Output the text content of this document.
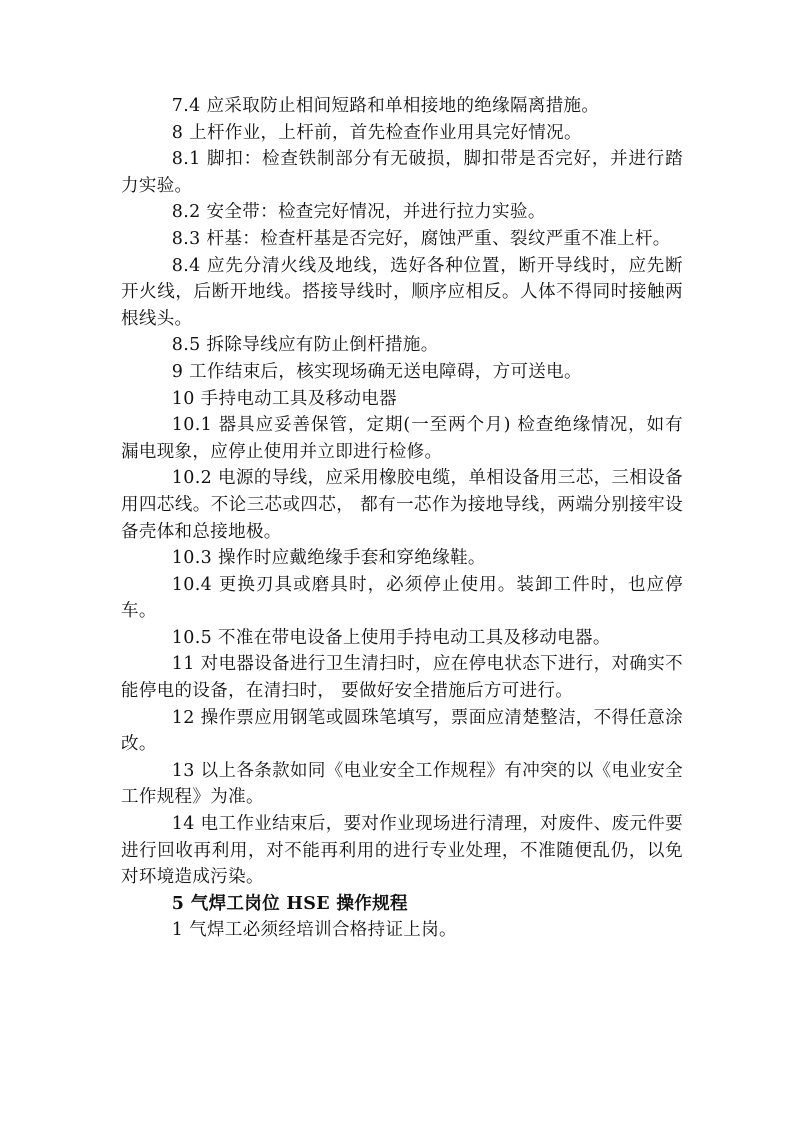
7.4 应采取防止相间短路和单相接地的绝缘隔离措施。

8 上杆作业，上杆前，首先检查作业用具完好情况。

8.1 脚扣：检查铁制部分有无破损，脚扣带是否完好，并进行踏力实验。

8.2 安全带：检查完好情况，并进行拉力实验。

8.3 杆基：检查杆基是否完好，腐蚀严重、裂纹严重不准上杆。

8.4 应先分清火线及地线，选好各种位置，断开导线时，应先断开火线，后断开地线。搭接导线时，顺序应相反。人体不得同时接触两根线头。

8.5 拆除导线应有防止倒杆措施。

9 工作结束后，核实现场确无送电障碍，方可送电。

10 手持电动工具及移动电器

10.1 器具应妥善保管，定期(一至两个月) 检查绝缘情况，如有漏电现象，应停止使用并立即进行检修。

10.2 电源的导线，应采用橡胶电缆，单相设备用三芯，三相设备用四芯线。不论三芯或四芯， 都有一芯作为接地导线，两端分别接牢设备壳体和总接地极。

10.3 操作时应戴绝缘手套和穿绝缘鞋。

10.4 更换刃具或磨具时，必须停止使用。装卸工件时，也应停车。

10.5 不准在带电设备上使用手持电动工具及移动电器。

11 对电器设备进行卫生清扫时，应在停电状态下进行，对确实不能停电的设备，在清扫时， 要做好安全措施后方可进行。

12 操作票应用钢笔或圆珠笔填写，票面应清楚整洁，不得任意涂改。

13 以上各条款如同《电业安全工作规程》有冲突的以《电业安全工作规程》为准。

14 电工作业结束后，要对作业现场进行清理，对废件、废元件要进行回收再利用，对不能再利用的进行专业处理，不准随便乱仍，以免对环境造成污染。

5 气焊工岗位 HSE 操作规程

1 气焊工必须经培训合格持证上岗。
